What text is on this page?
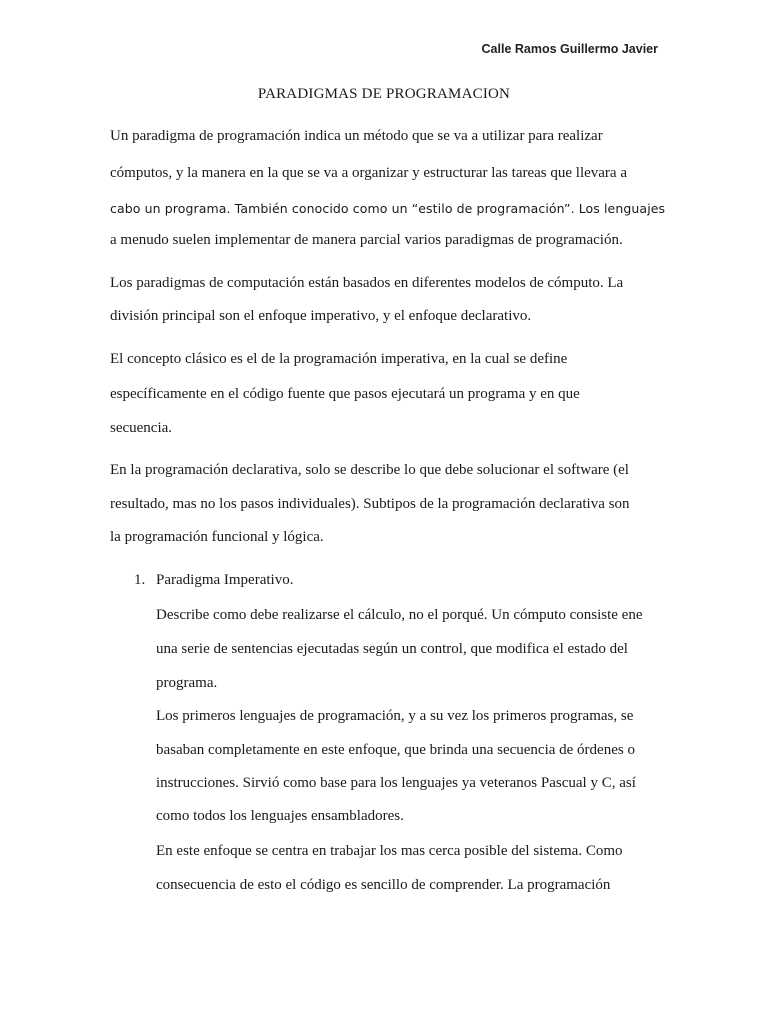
Calle Ramos Guillermo Javier
PARADIGMAS DE PROGRAMACION
Un paradigma de programación indica un método que se va a utilizar para realizar
cómputos, y la manera en la que se va a organizar y estructurar las tareas que llevara a
cabo un programa. También conocido como un “estilo de programación”. Los lenguajes
a menudo suelen implementar de manera parcial varios paradigmas de programación.
Los paradigmas de computación están basados en diferentes modelos de cómputo. La
división principal son el enfoque imperativo, y el enfoque declarativo.
El concepto clásico es el de la programación imperativa, en la cual se define
específicamente en el código fuente que pasos ejecutará un programa y en que
secuencia.
En la programación declarativa, solo se describe lo que debe solucionar el software (el
resultado, mas no los pasos individuales). Subtipos de la programación declarativa son
la programación funcional y lógica.
1. Paradigma Imperativo.
Describe como debe realizarse el cálculo, no el porqué. Un cómputo consiste ene
una serie de sentencias ejecutadas según un control, que modifica el estado del
programa.
Los primeros lenguajes de programación, y a su vez los primeros programas, se
basaban completamente en este enfoque, que brinda una secuencia de órdenes o
instrucciones. Sirvió como base para los lenguajes ya veteranos Pascual y C, así
como todos los lenguajes ensambladores.
En este enfoque se centra en trabajar los mas cerca posible del sistema. Como
consecuencia de esto el código es sencillo de comprender. La programación
